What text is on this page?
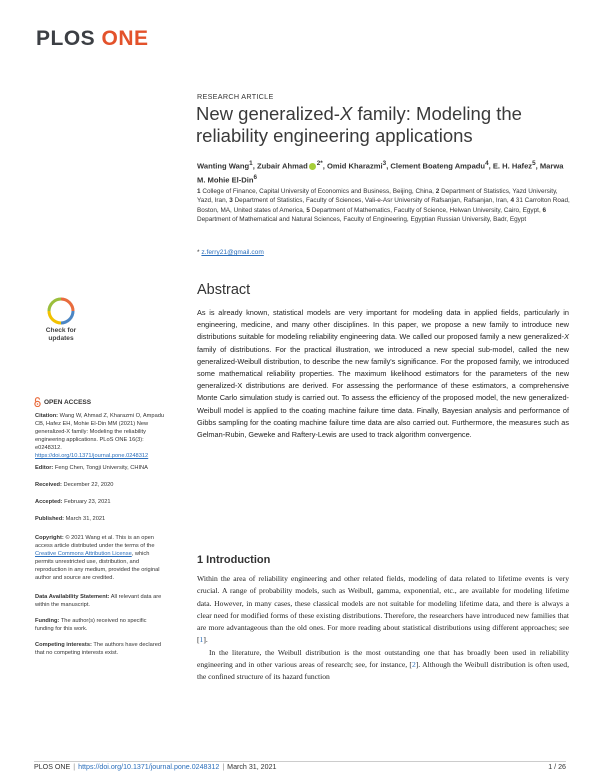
PLOS ONE
RESEARCH ARTICLE
New generalized-X family: Modeling the reliability engineering applications
Wanting Wang$^1$, Zubair Ahmad $^{2*}$, Omid Kharazmi$^3$, Clement Boateng Ampadu$^4$, E. H. Hafez$^5$, Marwa M. Mohie El-Din$^6$
1 College of Finance, Capital University of Economics and Business, Beijing, China, 2 Department of Statistics, Yazd University, Yazd, Iran, 3 Department of Statistics, Faculty of Sciences, Vali-e-Asr University of Rafsanjan, Rafsanjan, Iran, 4 31 Carrolton Road, Boston, MA, United states of America, 5 Department of Mathematics, Faculty of Science, Helwan University, Cairo, Egypt, 6 Department of Mathematical and Natural Sciences, Faculty of Engineering, Egyptian Russian University, Badr, Egypt
* z.ferry21@gmail.com
Check for
updates
OPEN ACCESS
Citation: Wang W, Ahmad Z, Kharazmi O, Ampadu CB, Hafez EH, Mohie El-Din MM (2021) New generalized-X family: Modeling the reliability engineering applications. PLoS ONE 16(3): e0248312. https://doi.org/10.1371/journal.pone.0248312
Editor: Feng Chen, Tongji University, CHINA
Received: December 22, 2020
Accepted: February 23, 2021
Published: March 31, 2021
Copyright: © 2021 Wang et al. This is an open access article distributed under the terms of the Creative Commons Attribution License, which permits unrestricted use, distribution, and reproduction in any medium, provided the original author and source are credited.
Data Availability Statement: All relevant data are within the manuscript.
Funding: The author(s) received no specific funding for this work.
Competing interests: The authors have declared that no competing interests exist.
Abstract
As is already known, statistical models are very important for modeling data in applied fields, particularly in engineering, medicine, and many other disciplines. In this paper, we propose a new family to introduce new distributions suitable for modeling reliability engineering data. We called our proposed family a new generalized-X family of distributions. For the practical illustration, we introduced a new special sub-model, called the new generalized-Weibull distribution, to describe the new family's significance. For the proposed family, we introduced some mathematical reliability properties. The maximum likelihood estimators for the parameters of the new generalized-X distributions are derived. For assessing the performance of these estimators, a comprehensive Monte Carlo simulation study is carried out. To assess the efficiency of the proposed model, the new generalized-Weibull model is applied to the coating machine failure time data. Finally, Bayesian analysis and performance of Gibbs sampling for the coating machine failure time data are also carried out. Furthermore, the measures such as Gelman-Rubin, Geweke and Raftery-Lewis are used to track algorithm convergence.
1 Introduction

Within the area of reliability engineering and other related fields, modeling of data related to lifetime events is very crucial. A range of probability models, such as Weibull, gamma, exponential, etc., are available for modeling lifetime data. However, in many cases, these classical models are not suitable for modeling lifetime data, and there is always a clear need for modified forms of these existing distributions. Therefore, the researchers have introduced new families that are more advantageous than the old ones. For more reading about statistical distributions using different approaches; see [1].

In the literature, the Weibull distribution is the most outstanding one that has broadly been used in reliability engineering and in other various areas of research; see, for instance, [2]. Although the Weibull distribution is often used, the confined structure of its hazard function

PLOS ONE | https://doi.org/10.1371/journal.pone.0248312 | March 31, 2021	1 / 26
